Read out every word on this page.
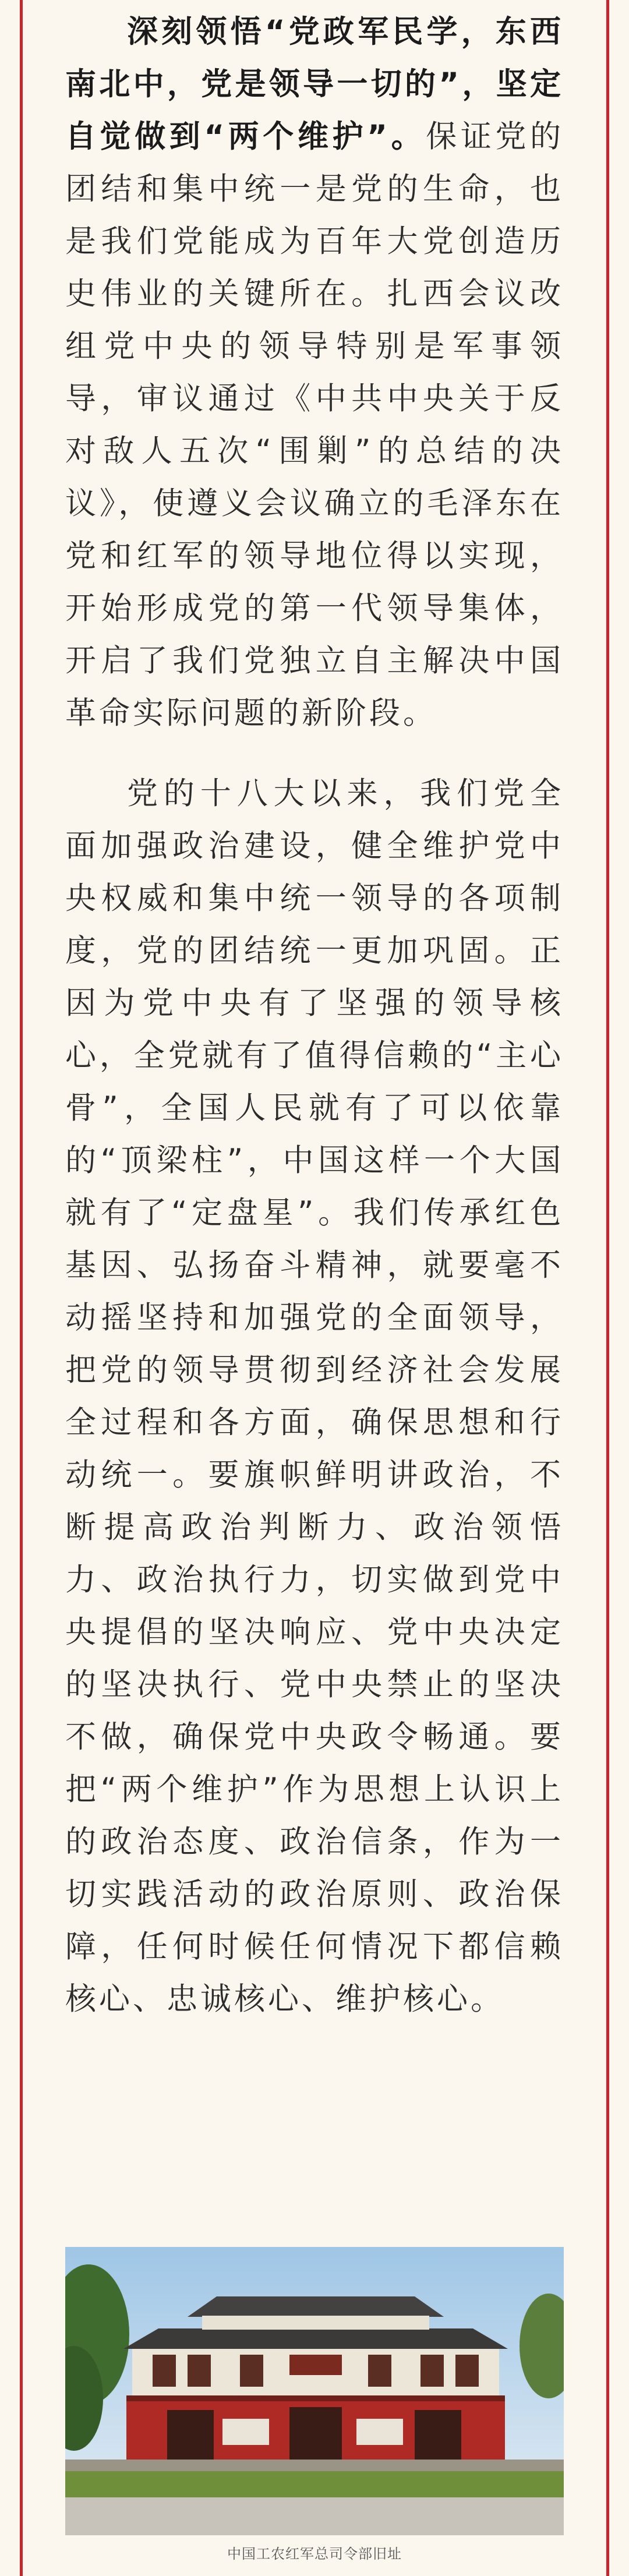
深刻领悟“党政军民学，东西南北中，党是领导一切的”，坚定自觉做到“两个维护”。保证党的团结和集中统一是党的生命，也是我们党能成为百年大党创造历史伟业的关键所在。扎西会议改组党中央的领导特别是军事领导，审议通过《中共中央关于反对敌人五次“围剿”的总结的决议》，使遵义会议确立的毛泽东在党和红军的领导地位得以实现，开始形成党的第一代领导集体，开启了我们党独立自主解决中国革命实际问题的新阶段。

党的十八大以来，我们党全面加强政治建设，健全维护党中央权威和集中统一领导的各项制度，党的团结统一更加巩固。正因为党中央有了坚强的领导核心，全党就有了值得信赖的“主心骨”，全国人民就有了可以依靠的“顶梁柱”，中国这样一个大国就有了“定盘星”。我们传承红色基因、弘扬奋斗精神，就要毫不动摇坚持和加强党的全面领导，把党的领导贯彻到经济社会发展全过程和各方面，确保思想和行动统一。要旗帜鲜明讲政治，不断提高政治判断力、政治领悟力、政治执行力，切实做到党中央提倡的坚决响应、党中央决定的坚决执行、党中央禁止的坚决不做，确保党中央政令畅通。要把“两个维护”作为思想上认识上的政治态度、政治信条，作为一切实践活动的政治原则、政治保障，任何时候任何情况下都信赖核心、忠诚核心、维护核心。

中国工农红军总司令部旧址
